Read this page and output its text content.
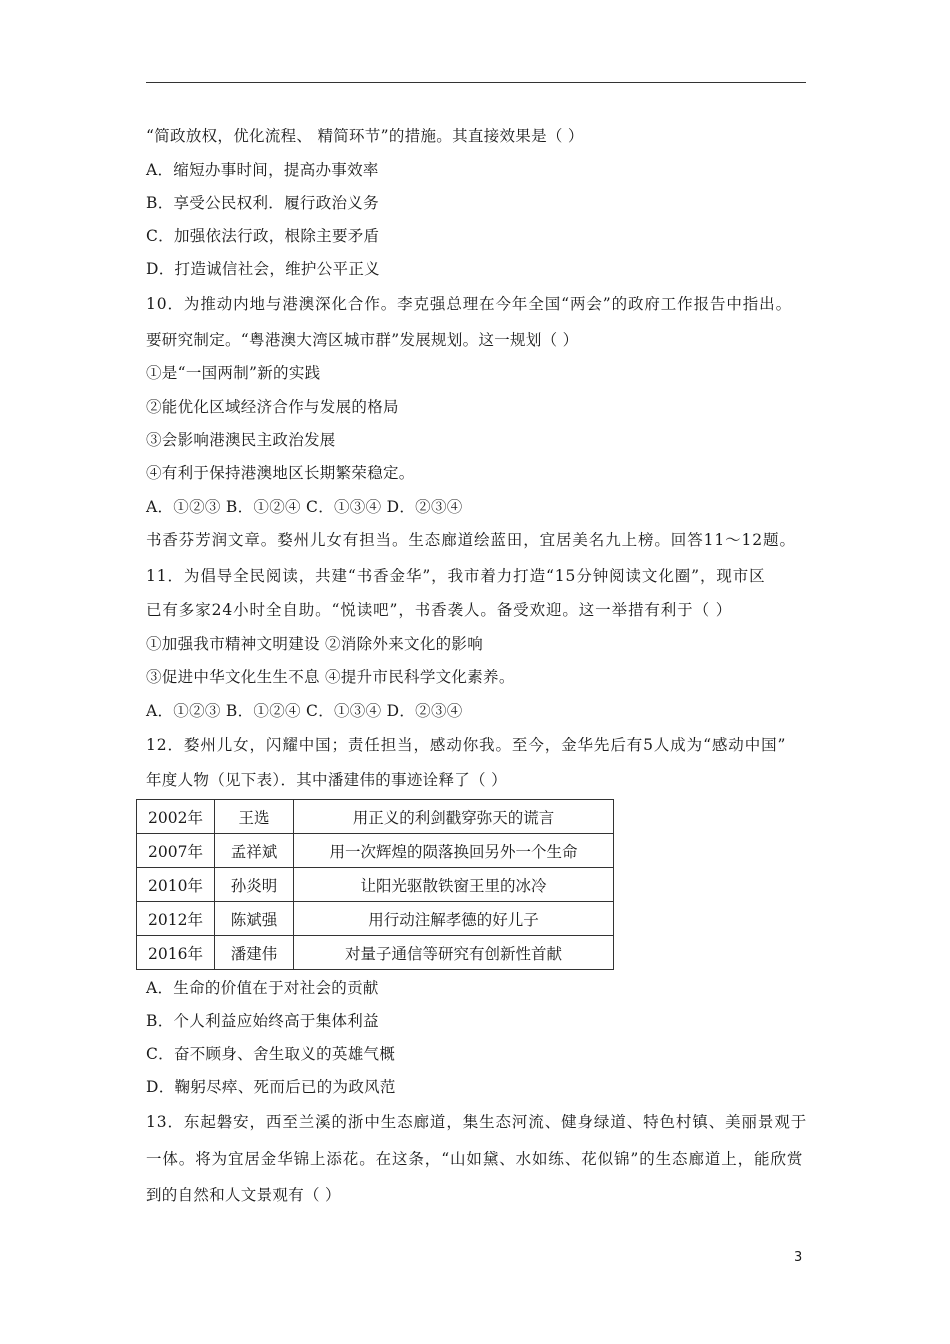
“简政放权，优化流程、 精简环节”的措施。其直接效果是（ ）
A．缩短办事时间，提高办事效率
B．享受公民权利．履行政治义务
C．加强依法行政，根除主要矛盾
D．打造诚信社会，维护公平正义
10．为推动内地与港澳深化合作。李克强总理在今年全国“两会”的政府工作报告中指出。
要研究制定。“粤港澳大湾区城市群”发展规划。这一规划（ ）
①是“一国两制”新的实践
②能优化区域经济合作与发展的格局
③会影响港澳民主政治发展
④有利于保持港澳地区长期繁荣稳定。
A．①②③ B．①②④ C．①③④ D．②③④
书香芬芳润文章。婺州儿女有担当。生态廊道绘蓝田，宜居美名九上榜。回答11～12题。
11．为倡导全民阅读，共建“书香金华”，我市着力打造“15分钟阅读文化圈”，现市区
已有多家24小时全自助。“悦读吧”，书香袭人。备受欢迎。这一举措有利于（ ）
①加强我市精神文明建设 ②消除外来文化的影响
③促进中华文化生生不息 ④提升市民科学文化素养。
A．①②③ B．①②④ C．①③④ D．②③④
12．婺州儿女，闪耀中国；责任担当，感动你我。至今，金华先后有5人成为“感动中国”
年度人物（见下表）．其中潘建伟的事迹诠释了（ ）
A．生命的价值在于对社会的贡献
B．个人利益应始终高于集体利益
C．奋不顾身、舍生取义的英雄气概
D．鞠躬尽瘁、死而后已的为政风范
13．东起磐安，西至兰溪的浙中生态廊道，集生态河流、健身绿道、特色村镇、美丽景观于
一体。将为宜居金华锦上添花。在这条，“山如黛、水如练、花似锦”的生态廊道上，能欣赏
到的自然和人文景观有（ ）
2002年	王选	用正义的利剑戳穿弥天的谎言
2007年	孟祥斌	用一次辉煌的陨落换回另外一个生命
2010年	孙炎明	让阳光驱散铁窗王里的冰冷
2012年	陈斌强	用行动注解孝德的好儿子
2016年	潘建伟	对量子通信等研究有创新性首献
3
